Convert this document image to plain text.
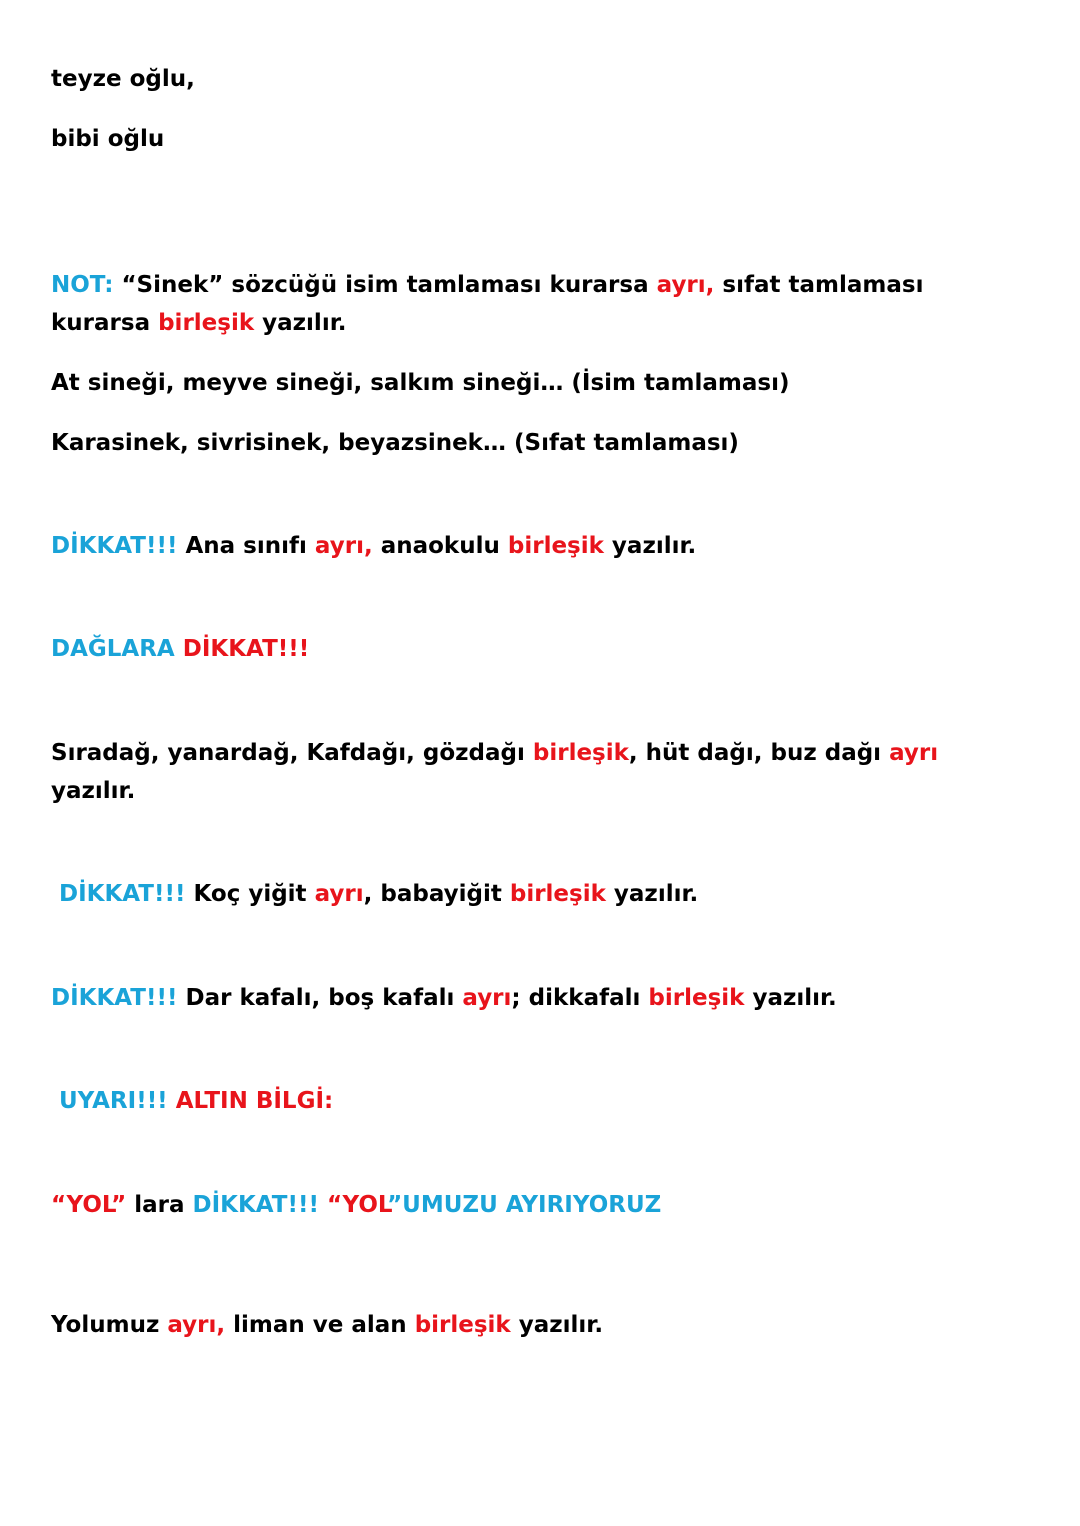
teyze oğlu,
bibi oğlu
NOT: “Sinek” sözcüğü isim tamlaması kurarsa ayrı, sıfat tamlaması kurarsa birleşik yazılır.
At sineği, meyve sineği, salkım sineği… (İsim tamlaması)
Karasinek, sivrisinek, beyazsinek… (Sıfat tamlaması)
DİKKAT!!! Ana sınıfı ayrı, anaokulu birleşik yazılır.
DAĞLARA DİKKAT!!!
Sıradağ, yanardağ, Kafdağı, gözdağı birleşik, hüt dağı, buz dağı ayrı yazılır.
DİKKAT!!! Koç yiğit ayrı, babayiğit birleşik yazılır.
DİKKAT!!! Dar kafalı, boş kafalı ayrı; dikkafalı birleşik yazılır.
UYARI!!! ALTIN BİLGİ:
“YOL” lara DİKKAT!!! “YOL”UMUZU AYIRIYORUZ
Yolumuz ayrı, liman ve alan birleşik yazılır.
